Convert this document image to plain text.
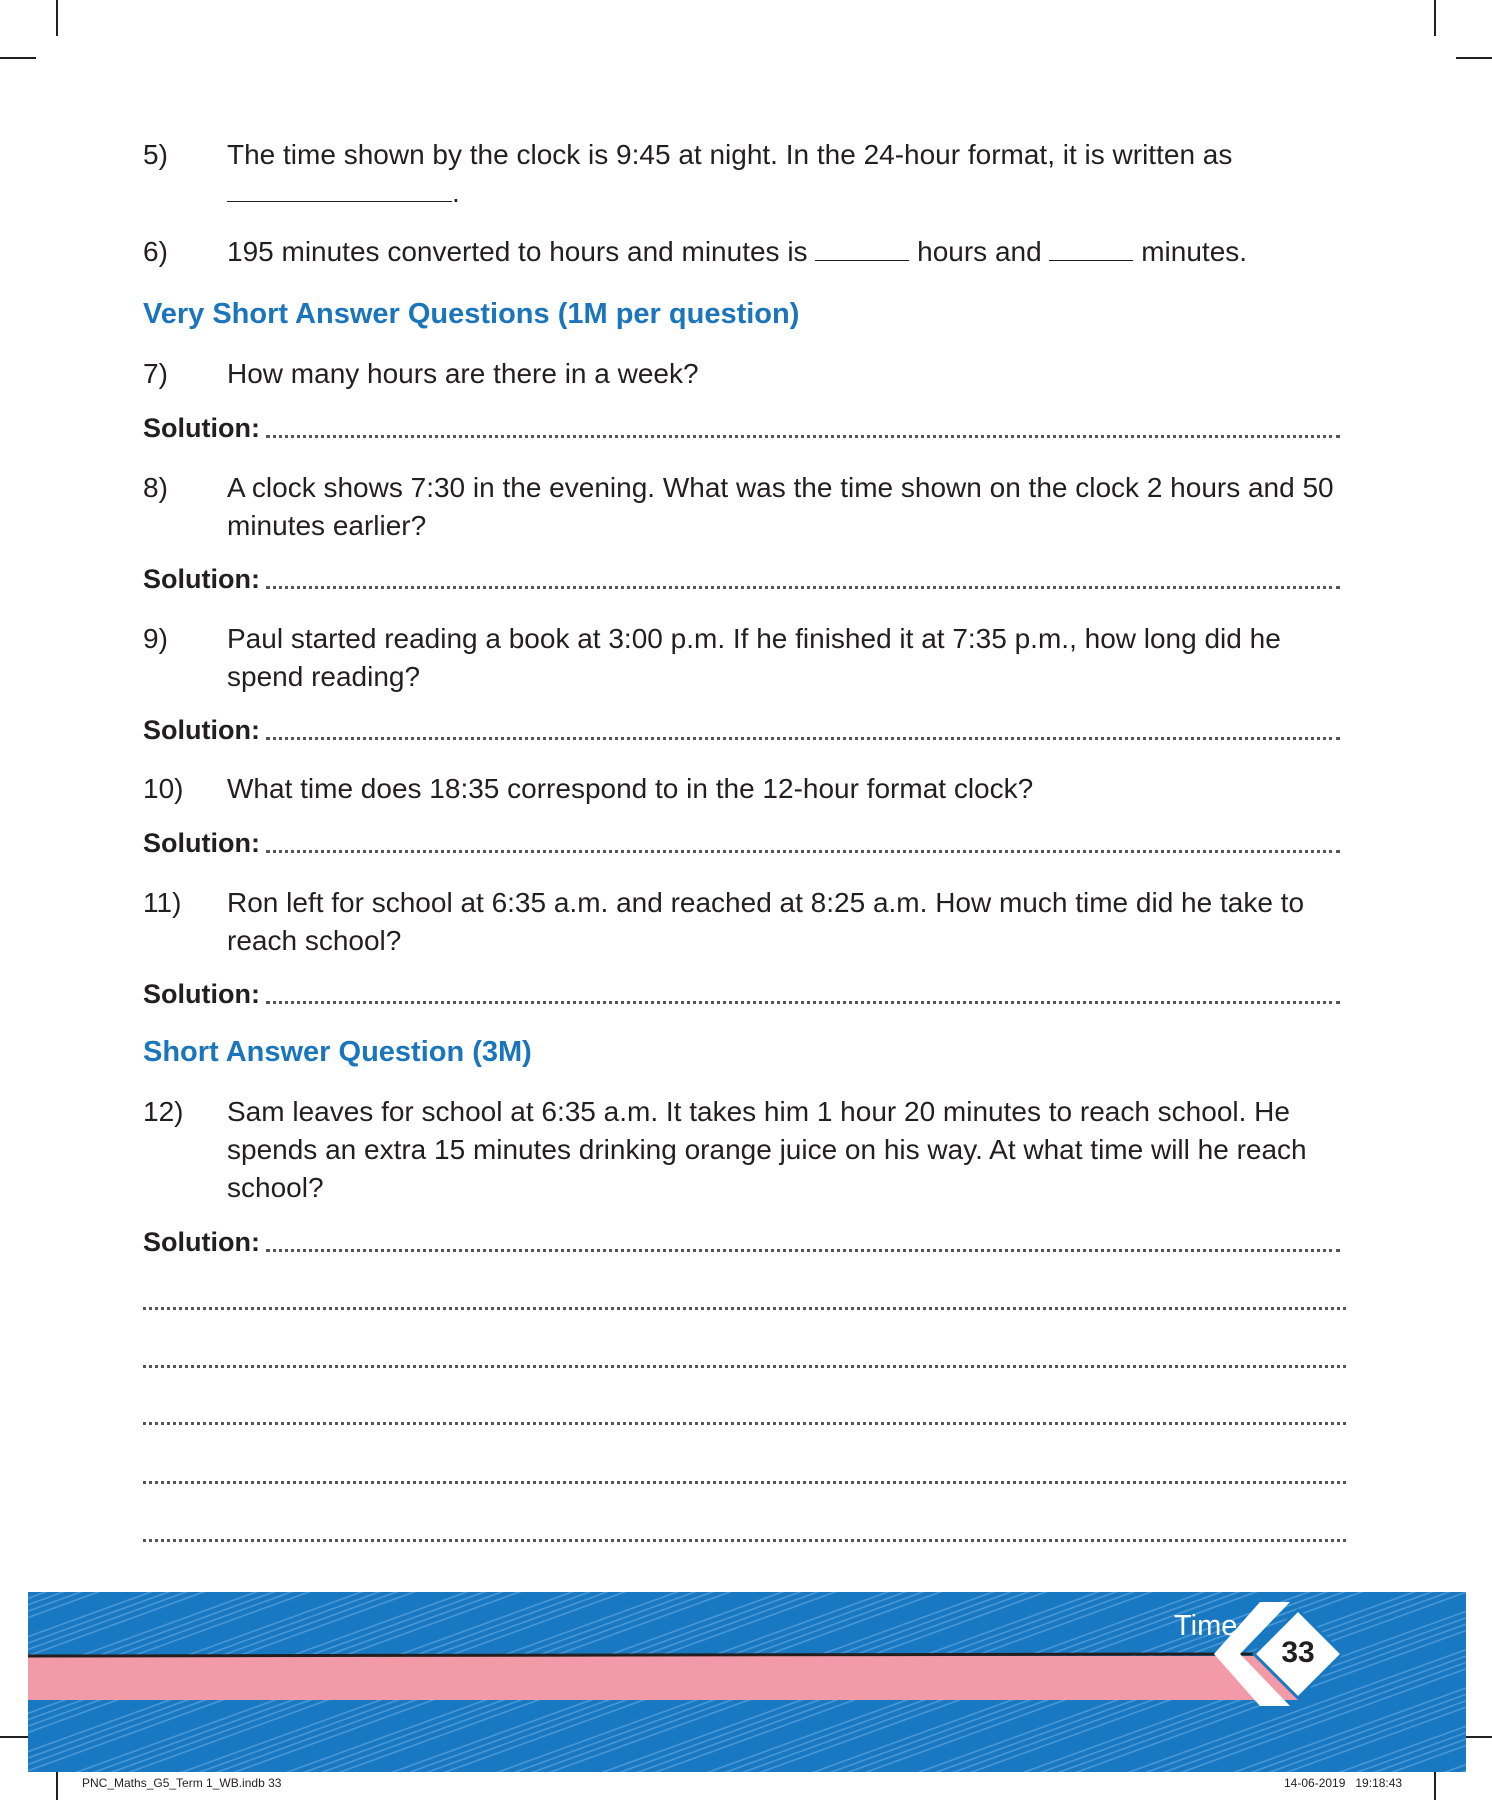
5) The time shown by the clock is 9:45 at night. In the 24-hour format, it is written as
.
6) 195 minutes converted to hours and minutes is	hours and	minutes.
Very Short Answer Questions (1M per question)
7) How many hours are there in a week?
Solution:
8) A clock shows 7:30 in the evening. What was the time shown on the clock 2 hours and 50 minutes earlier?
Solution:
9) Paul started reading a book at 3:00 p.m. If he finished it at 7:35 p.m., how long did he spend reading?
Solution:
10) What time does 18:35 correspond to in the 12-hour format clock?
Solution:
11) Ron left for school at 6:35 a.m. and reached at 8:25 a.m. How much time did he take to reach school?
Solution:
Short Answer Question (3M)
12) Sam leaves for school at 6:35 a.m. It takes him 1 hour 20 minutes to reach school. He spends an extra 15 minutes drinking orange juice on his way. At what time will he reach school?
Solution:
Time
33
PNC_Maths_G5_Term 1_WB.indb 33	14-06-2019   19:18:43
